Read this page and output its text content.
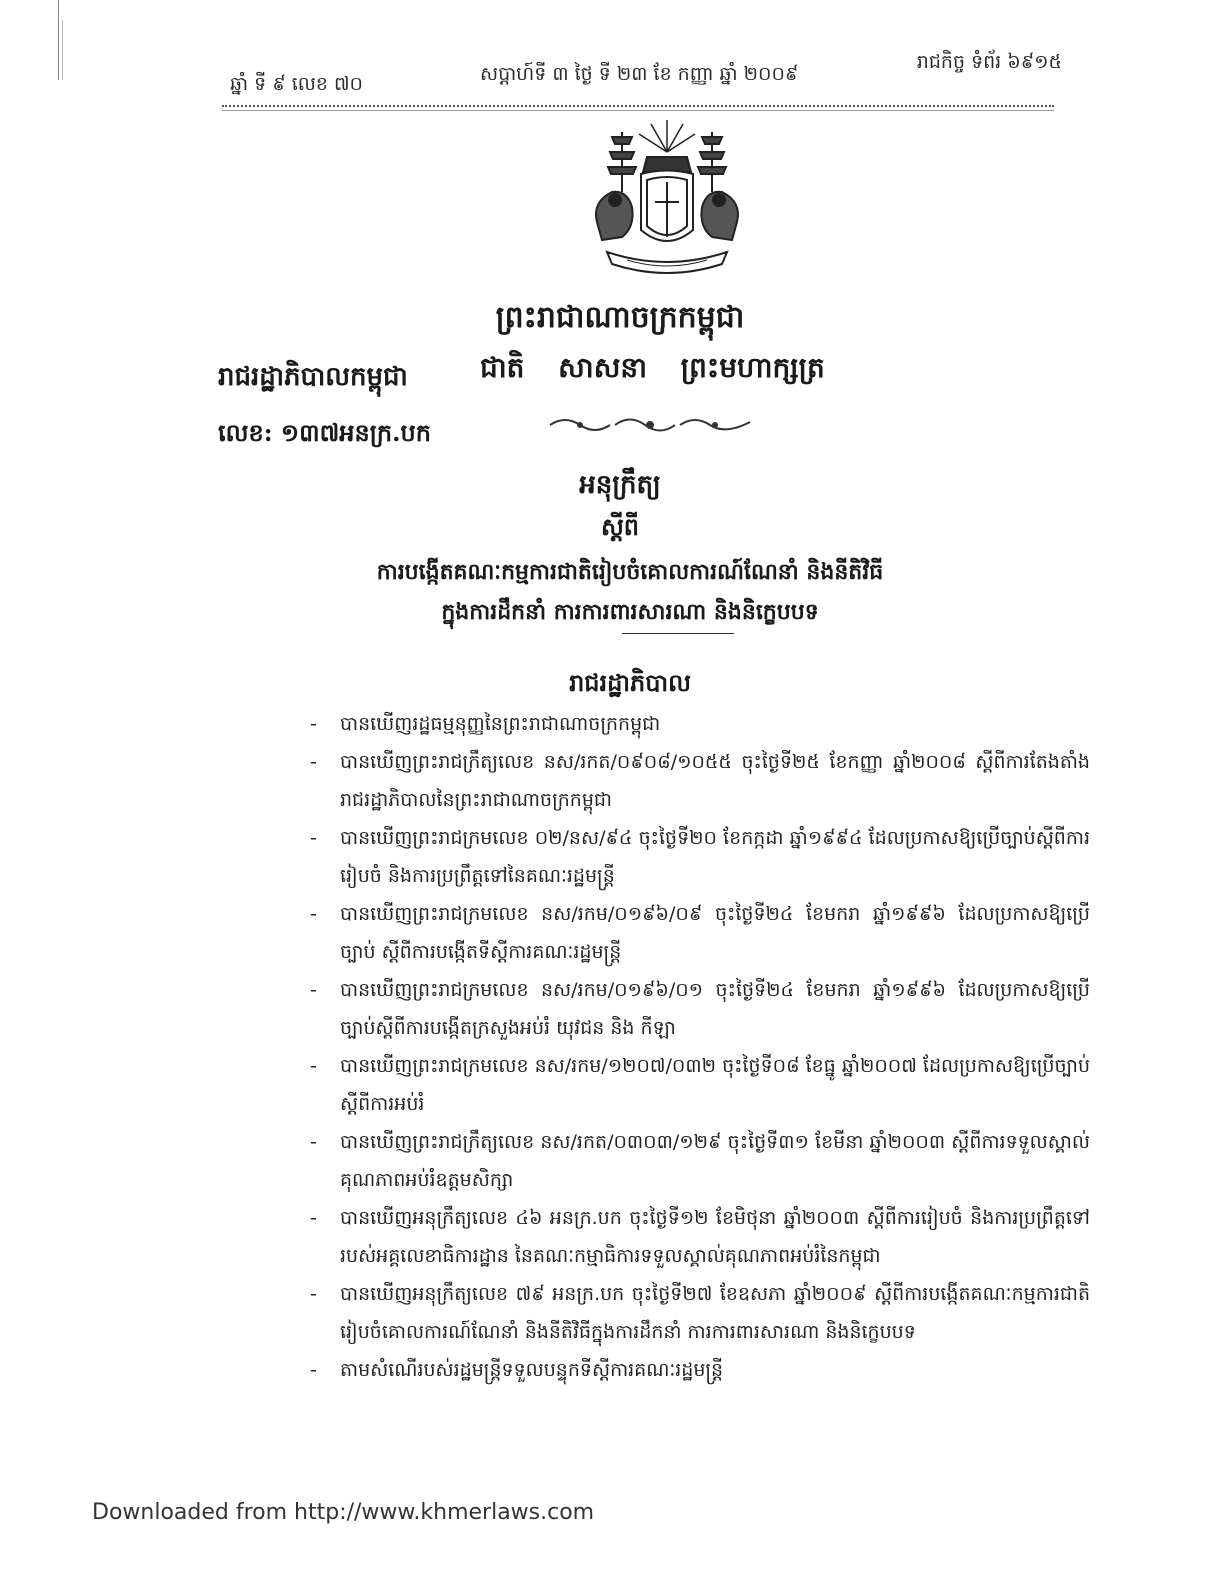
ឆ្នាំ ទី ៩ លេខ ៧០	សប្តាហ៍ទី ៣ ថ្ងៃ ទី ២៣ ខែ កញ្ញា ឆ្នាំ ២០០៩
រាជកិច្ច ទំព័រ ៦៩១៥
ព្រះរាជាណាចក្រកម្ពុជា
រាជរដ្ឋាភិបាលកម្ពុជា	ជាតិ សាសនា ព្រះមហាក្សត្រ
លេខ: ១៣៧អនក្រ.បក
អនុក្រឹត្យ
ស្តីពី
ការបង្កើតគណៈកម្មការជាតិរៀបចំគោលការណ៍ណែនាំ និងនីតិវិធី
ក្នុងការដឹកនាំ ការការពារសារណា និងនិក្ខេបបទ
រាជរដ្ឋាភិបាល
- បានឃើញរដ្ឋធម្មនុញ្ញនៃព្រះរាជាណាចក្រកម្ពុជា
- បានឃើញព្រះរាជក្រឹត្យលេខ នស/រកត/០៩០៨/១០៥៥ ចុះថ្ងៃទី២៥ ខែកញ្ញា ឆ្នាំ២០០៨ ស្តីពីការតែងតាំងរាជរដ្ឋាភិបាលនៃព្រះរាជាណាចក្រកម្ពុជា
- បានឃើញព្រះរាជក្រមលេខ ០២/នស/៩៤ ចុះថ្ងៃទី២០ ខែកក្កដា ឆ្នាំ១៩៩៤ ដែលប្រកាសឱ្យប្រើច្បាប់ស្តីពីការរៀបចំ និងការប្រព្រឹត្តទៅនៃគណៈរដ្ឋមន្ត្រី
- បានឃើញព្រះរាជក្រមលេខ នស/រកម/០១៩៦/០៩ ចុះថ្ងៃទី២៤ ខែមករា ឆ្នាំ១៩៩៦ ដែលប្រកាសឱ្យប្រើច្បាប់ ស្តីពីការបង្កើតទីស្តីការគណៈរដ្ឋមន្ត្រី
- បានឃើញព្រះរាជក្រមលេខ នស/រកម/០១៩៦/០១ ចុះថ្ងៃទី២៤ ខែមករា ឆ្នាំ១៩៩៦ ដែលប្រកាសឱ្យប្រើច្បាប់ស្តីពីការបង្កើតក្រសួងអប់រំ យុវជន និង កីឡា
- បានឃើញព្រះរាជក្រមលេខ នស/រកម/១២០៧/០៣២ ចុះថ្ងៃទី០៨ ខែធ្នូ ឆ្នាំ២០០៧ ដែលប្រកាសឱ្យប្រើច្បាប់ស្តីពីការអប់រំ
- បានឃើញព្រះរាជក្រឹត្យលេខ នស/រកត/០៣០៣/១២៩ ចុះថ្ងៃទី៣១ ខែមីនា ឆ្នាំ២០០៣ ស្តីពីការទទួលស្គាល់គុណភាពអប់រំឧត្តមសិក្សា
- បានឃើញអនុក្រឹត្យលេខ ៤៦ អនក្រ.បក ចុះថ្ងៃទី១២ ខែមិថុនា ឆ្នាំ២០០៣ ស្តីពីការរៀបចំ និងការប្រព្រឹត្តទៅរបស់អគ្គលេខាធិការដ្ឋាន នៃគណៈកម្មាធិការទទួលស្គាល់គុណភាពអប់រំនៃកម្ពុជា
- បានឃើញអនុក្រឹត្យលេខ ៧៩ អនក្រ.បក ចុះថ្ងៃទី២៧ ខែឧសភា ឆ្នាំ២០០៩ ស្តីពីការបង្កើតគណៈកម្មការជាតិរៀបចំគោលការណ៍ណែនាំ និងនីតិវិធីក្នុងការដឹកនាំ ការការពារសារណា និងនិក្ខេបបទ
- តាមសំណើរបស់រដ្ឋមន្ត្រីទទួលបន្ទុកទីស្តីការគណៈរដ្ឋមន្ត្រី
Downloaded from http://www.khmerlaws.com
